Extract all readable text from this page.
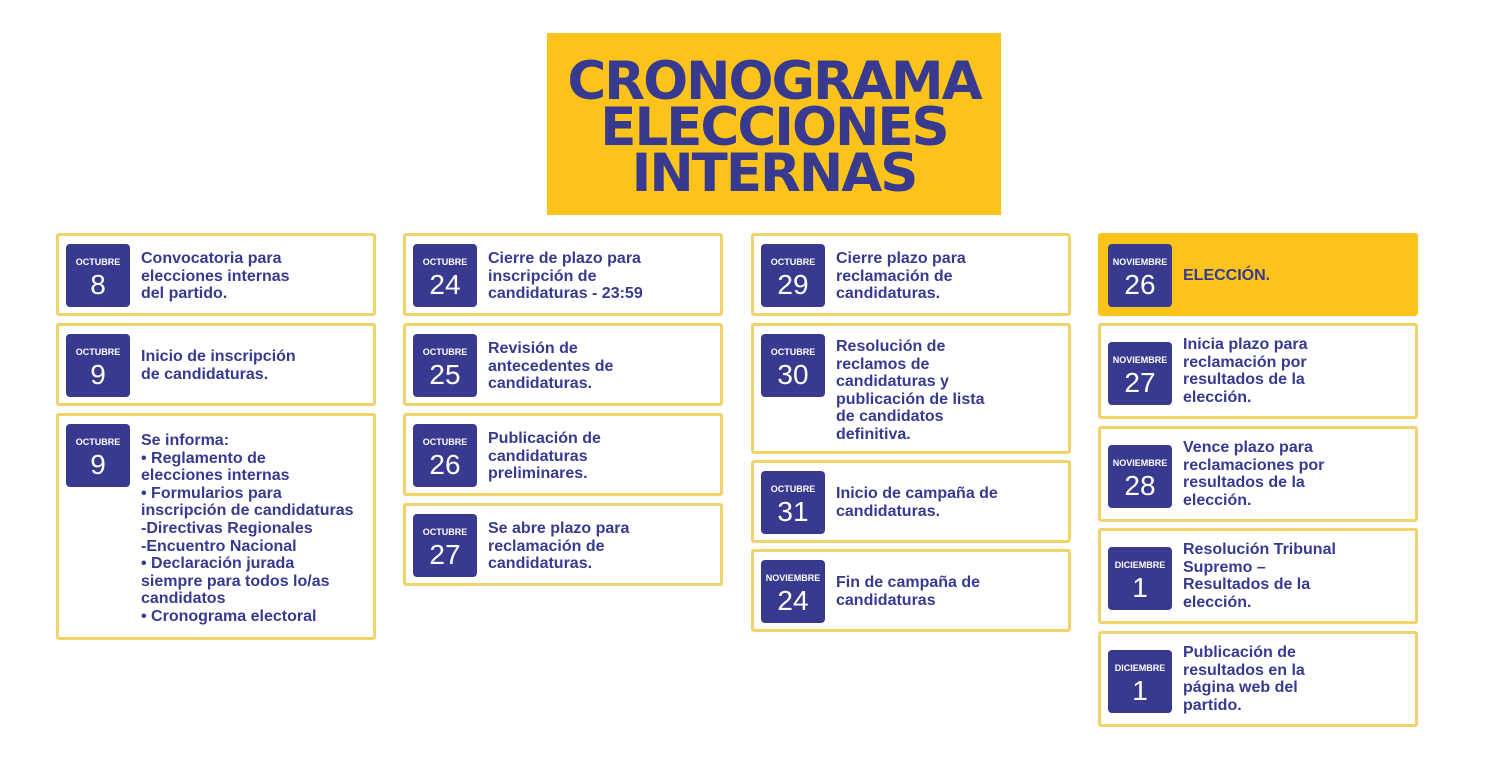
CRONOGRAMA
ELECCIONES
INTERNAS
OCTUBRE
8
Convocatoria para
elecciones internas
del partido.
OCTUBRE
9
Inicio de inscripción
de candidaturas.
OCTUBRE
9
Se informa:
• Reglamento de
elecciones internas
• Formularios para
inscripción de candidaturas
-Directivas Regionales
-Encuentro Nacional
• Declaración jurada
siempre para todos lo/as
candidatos
• Cronograma electoral
OCTUBRE
24
Cierre de plazo para
inscripción de
candidaturas - 23:59
OCTUBRE
25
Revisión de
antecedentes de
candidaturas.
OCTUBRE
26
Publicación de
candidaturas
preliminares.
OCTUBRE
27
Se abre plazo para
reclamación de
candidaturas.
OCTUBRE
29
Cierre plazo para
reclamación de
candidaturas.
OCTUBRE
30
Resolución de
reclamos de
candidaturas y
publicación de lista
de candidatos
definitiva.
OCTUBRE
31
Inicio de campaña de
candidaturas.
NOVIEMBRE
24
Fin de campaña de
candidaturas
NOVIEMBRE
26	ELECCIÓN.
NOVIEMBRE
27
Inicia plazo para
reclamación por
resultados de la
elección.
NOVIEMBRE
28
Vence plazo para
reclamaciones por
resultados de la
elección.
DICIEMBRE
1
Resolución Tribunal
Supremo –
Resultados de la
elección.
DICIEMBRE
1
Publicación de
resultados en la
página web del
partido.
